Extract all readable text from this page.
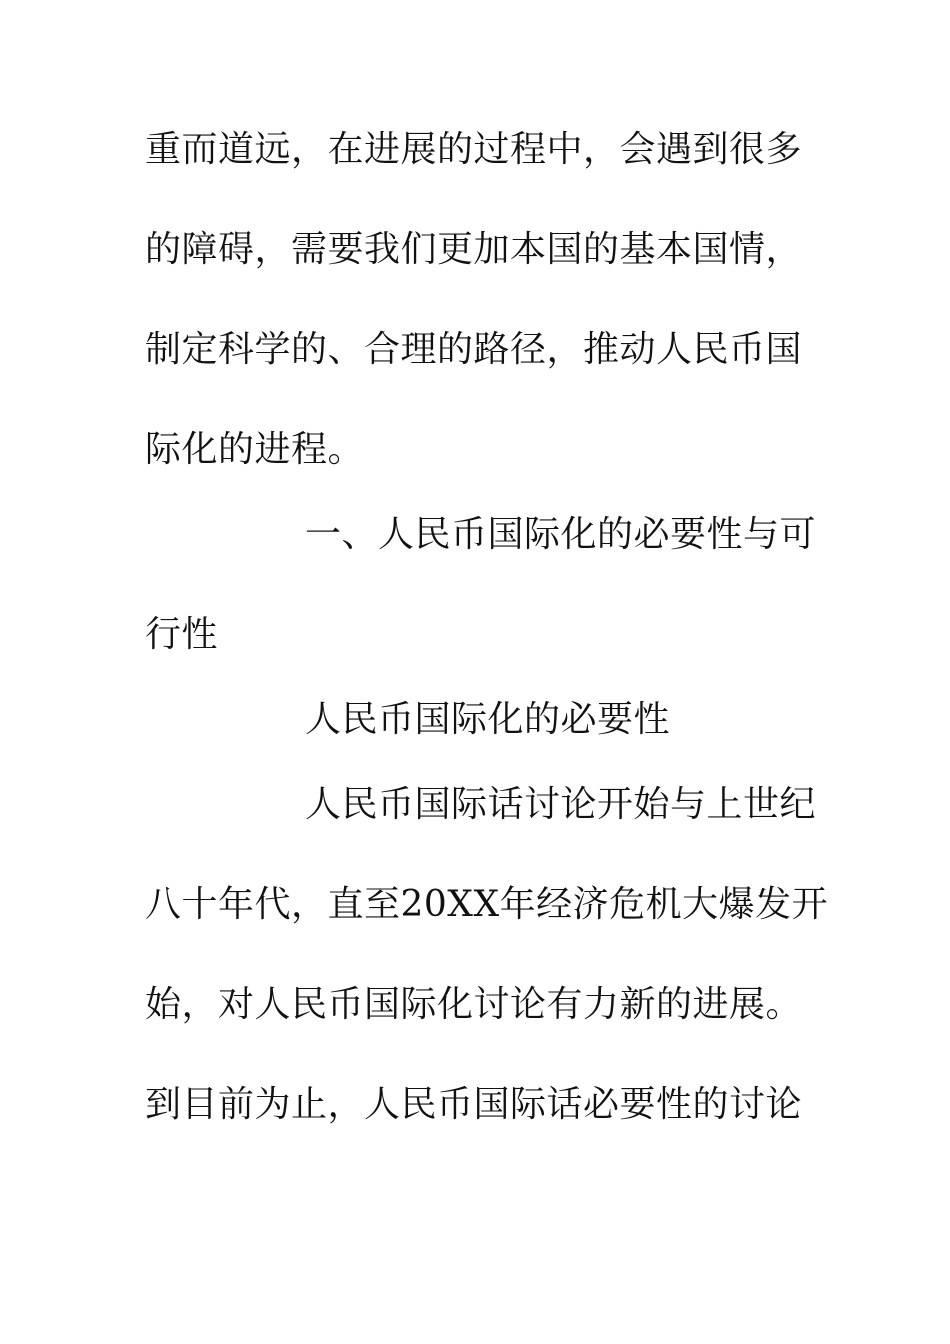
重而道远，在进展的过程中，会遇到很多
的障碍，需要我们更加本国的基本国情，
制定科学的、合理的路径，推动人民币国
际化的进程。
一、人民币国际化的必要性与可
行性
人民币国际化的必要性
人民币国际话讨论开始与上世纪
八十年代，直至20XX年经济危机大爆发开
始，对人民币国际化讨论有力新的进展。
到目前为止，人民币国际话必要性的讨论
